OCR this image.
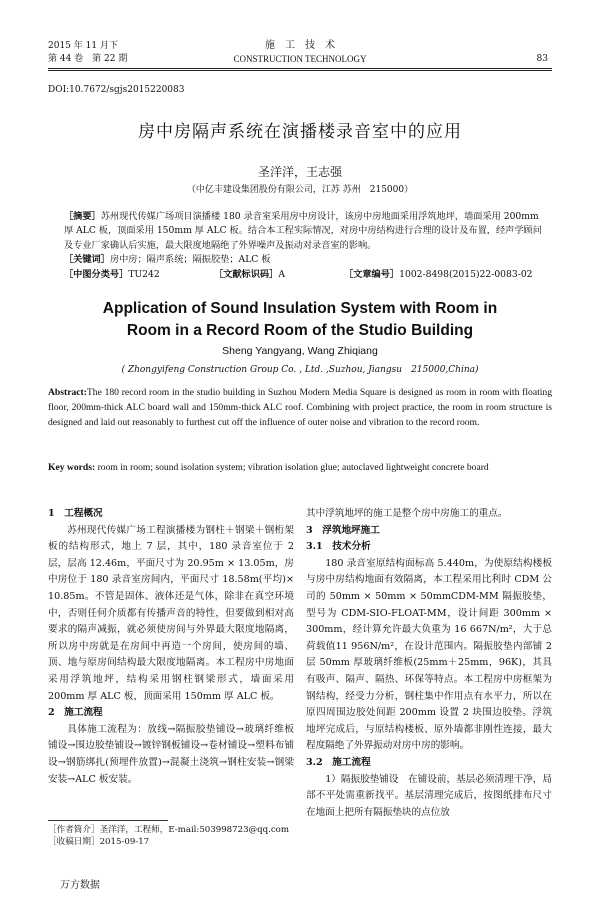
2015 年 11 月下
第 44 卷　第 22 期
施　工　技　术
CONSTRUCTION TECHNOLOGY	83
DOI:10.7672/sgjs2015220083
房中房隔声系统在演播楼录音室中的应用
圣洋洋，王志强
（中亿丰建设集团股份有限公司，江苏 苏州　215000）
［摘要］苏州现代传媒广场项目演播楼 180 录音室采用房中房设计，该房中房地面采用浮筑地坪，墙面采用 200mm
厚 ALC 板，顶面采用 150mm 厚 ALC 板。结合本工程实际情况，对房中房结构进行合理的设计及布置，经声学顾问
及专业厂家确认后实施，最大限度地隔绝了外界噪声及振动对录音室的影响。
［关键词］房中房；隔声系统；隔振胶垫；ALC 板
［中图分类号］TU242	［文献标识码］A	［文章编号］1002-8498(2015)22-0083-02
Application of Sound Insulation System with Room in
Room in a Record Room of the Studio Building
Sheng Yangyang, Wang Zhiqiang
( Zhongyifeng Construction Group Co. , Ltd. ,Suzhou, Jiangsu　215000,China)
Abstract:The 180 record room in the studio building in Suzhou Modern Media Square is designed as room in room with floating floor, 200mm-thick ALC board wall and 150mm-thick ALC roof. Combining with project practice, the room in room structure is designed and laid out reasonably to furthest cut off the influence of outer noise and vibration to the record room.
Key words: room in room; sound isolation system; vibration isolation glue; autoclaved lightweight concrete board
1　工程概况

苏州现代传媒广场工程演播楼为钢柱＋钢梁＋钢桁架板的结构形式，地上 7 层，其中，180 录音室位于 2 层，层高 12.46m，平面尺寸为 20.95m × 13.05m，房中房位于 180 录音室房间内，平面尺寸 18.58m(平均)× 10.85m。不管是固体、液体还是气体，除非在真空环境中，否则任何介质都有传播声音的特性，但要做到相对高要求的隔声减振，就必须使房间与外界最大限度地隔离，所以房中房就是在房间中再造一个房间，使房间的墙、顶、地与原房间结构最大限度地隔离。本工程房中房地面采用浮筑地坪，结构采用钢柱钢梁形式，墙面采用 200mm 厚 ALC 板，顶面采用 150mm 厚 ALC 板。

2　施工流程

具体施工流程为：放线→隔振胶垫铺设→玻璃纤维板铺设→围边胶垫铺设→镀锌钢板铺设→卷材铺设→塑料布铺设→钢筋绑扎(预埋件放置)→混凝土浇筑→钢柱安装→钢梁安装→ALC 板安装。

［作者简介］圣洋洋，工程师，E-mail:503998723@qq.com
［收稿日期］2015-09-17
其中浮筑地坪的施工是整个房中房施工的重点。
3　浮筑地坪施工
3.1　技术分析

180 录音室原结构面标高 5.440m，为使原结构楼板与房中房结构地面有效隔离，本工程采用比利时 CDM 公司的 50mm × 50mm × 50mmCDM-MM 隔振胶垫，型号为 CDM-SIO-FLOAT-MM，设计间距 300mm × 300mm，经计算允许最大负重为 16 667N/m²，大于总荷载值11 956N/m²，在设计范围内。隔振胶垫内部铺 2 层 50mm 厚玻璃纤维板(25mm＋25mm，96K)，其具有吸声、隔声、隔热、环保等特点。本工程房中房框架为钢结构，经受力分析，钢柱集中作用点有水平力，所以在原四周围边胶处间距 200mm 设置 2 块围边胶垫。浮筑地坪完成后，与原结构楼板、原外墙都非刚性连接，最大程度隔绝了外界振动对房中房的影响。

3.2　施工流程

1）隔振胶垫铺设　在铺设前，基层必须清理干净，局部不平处需重新找平。基层清理完成后，按图纸排布尺寸在地面上把所有隔振垫块的点位放

万方数据
